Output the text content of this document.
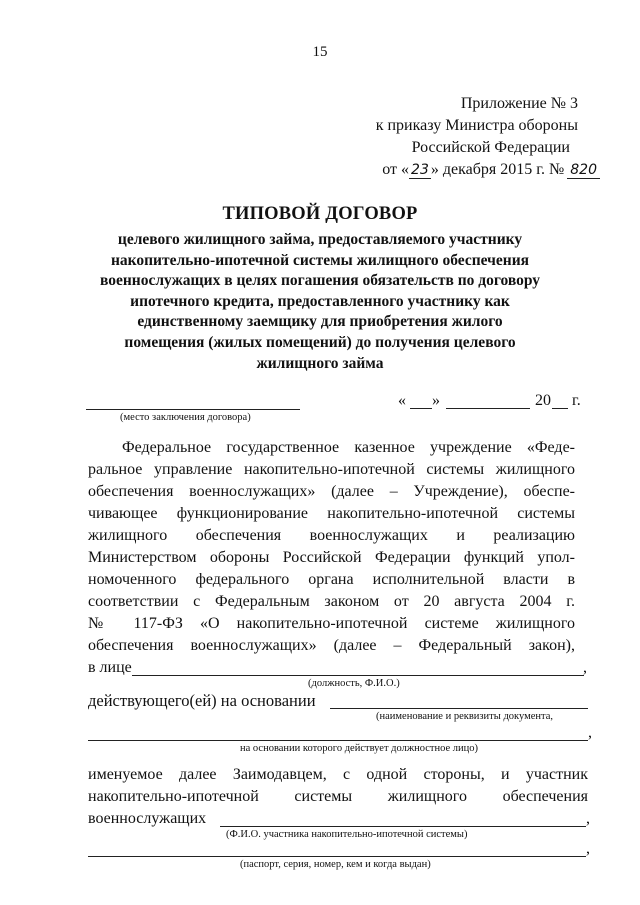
15
Приложение № 3
к приказу Министра обороны
Российской Федерации
от « 23 » декабря 2015 г. № 820
ТИПОВОЙ ДОГОВОР
целевого жилищного займа, предоставляемого участнику
накопительно-ипотечной системы жилищного обеспечения
военнослужащих в целях погашения обязательств по договору
ипотечного кредита, предоставленного участнику как
единственному заемщику для приобретения жилого
помещения (жилых помещений) до получения целевого
жилищного займа
(место заключения договора)
« »	20 г.
Федеральное государственное казенное учреждение «Феде-
ральное управление накопительно-ипотечной системы жилищного
обеспечения военнослужащих» (далее – Учреждение), обеспе-
чивающее функционирование накопительно-ипотечной системы
жилищного обеспечения военнослужащих и реализацию
Министерством обороны Российской Федерации функций упол-
номоченного федерального органа исполнительной власти в
соответствии с Федеральным законом от 20 августа 2004 г.
№ 117-ФЗ «О накопительно-ипотечной системе жилищного
обеспечения военнослужащих» (далее – Федеральный закон),
в лице	,
(должность, Ф.И.О.)
действующего(ей) на основании
(наименование и реквизиты документа,
,
на основании которого действует должностное лицо)
именуемое далее Заимодавцем, с одной стороны, и участник
накопительно-ипотечной системы жилищного обеспечения
военнослужащих	,
(Ф.И.О. участника накопительно-ипотечной системы)
,
(паспорт, серия, номер, кем и когда выдан)
